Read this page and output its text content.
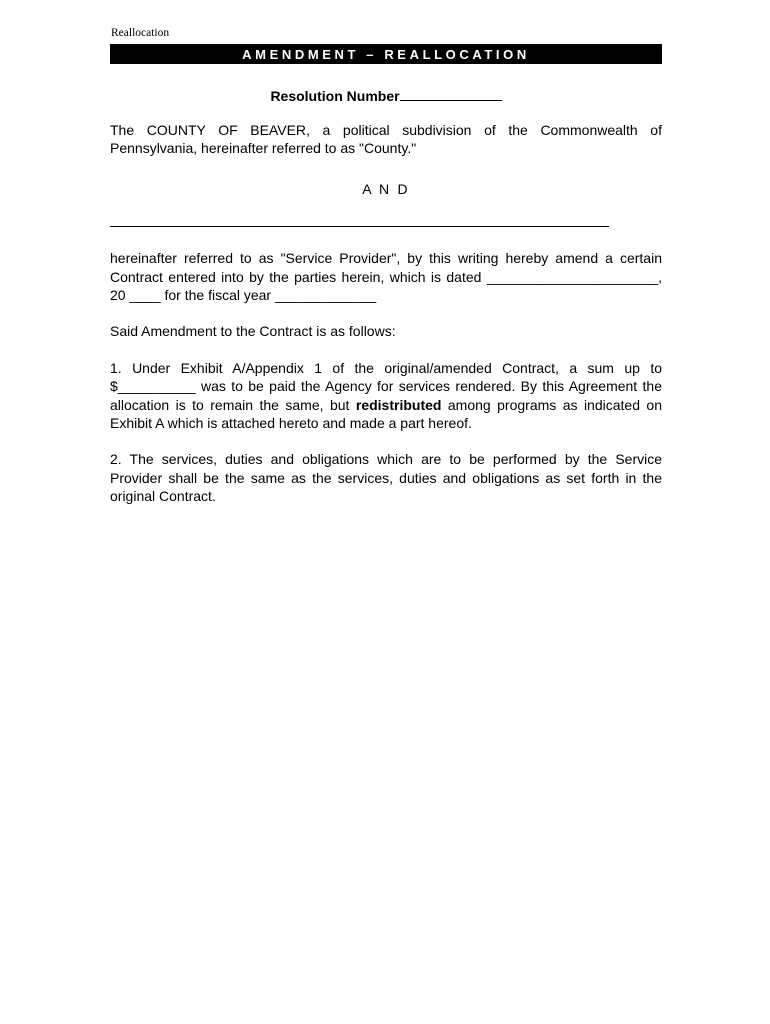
Reallocation
AMENDMENT – REALLOCATION
Resolution Number

The COUNTY OF BEAVER, a political subdivision of the Commonwealth of Pennsylvania, hereinafter referred to as "County."

A N D

hereinafter referred to as "Service Provider", by this writing hereby amend a certain Contract entered into by the parties herein, which is dated ______________________, 20 ____ for the fiscal year _____________

Said Amendment to the Contract is as follows:

1. Under Exhibit A/Appendix 1 of the original/amended Contract, a sum up to $__________ was to be paid the Agency for services rendered. By this Agreement the allocation is to remain the same, but redistributed among programs as indicated on Exhibit A which is attached hereto and made a part hereof.

2. The services, duties and obligations which are to be performed by the Service Provider shall be the same as the services, duties and obligations as set forth in the original Contract.
